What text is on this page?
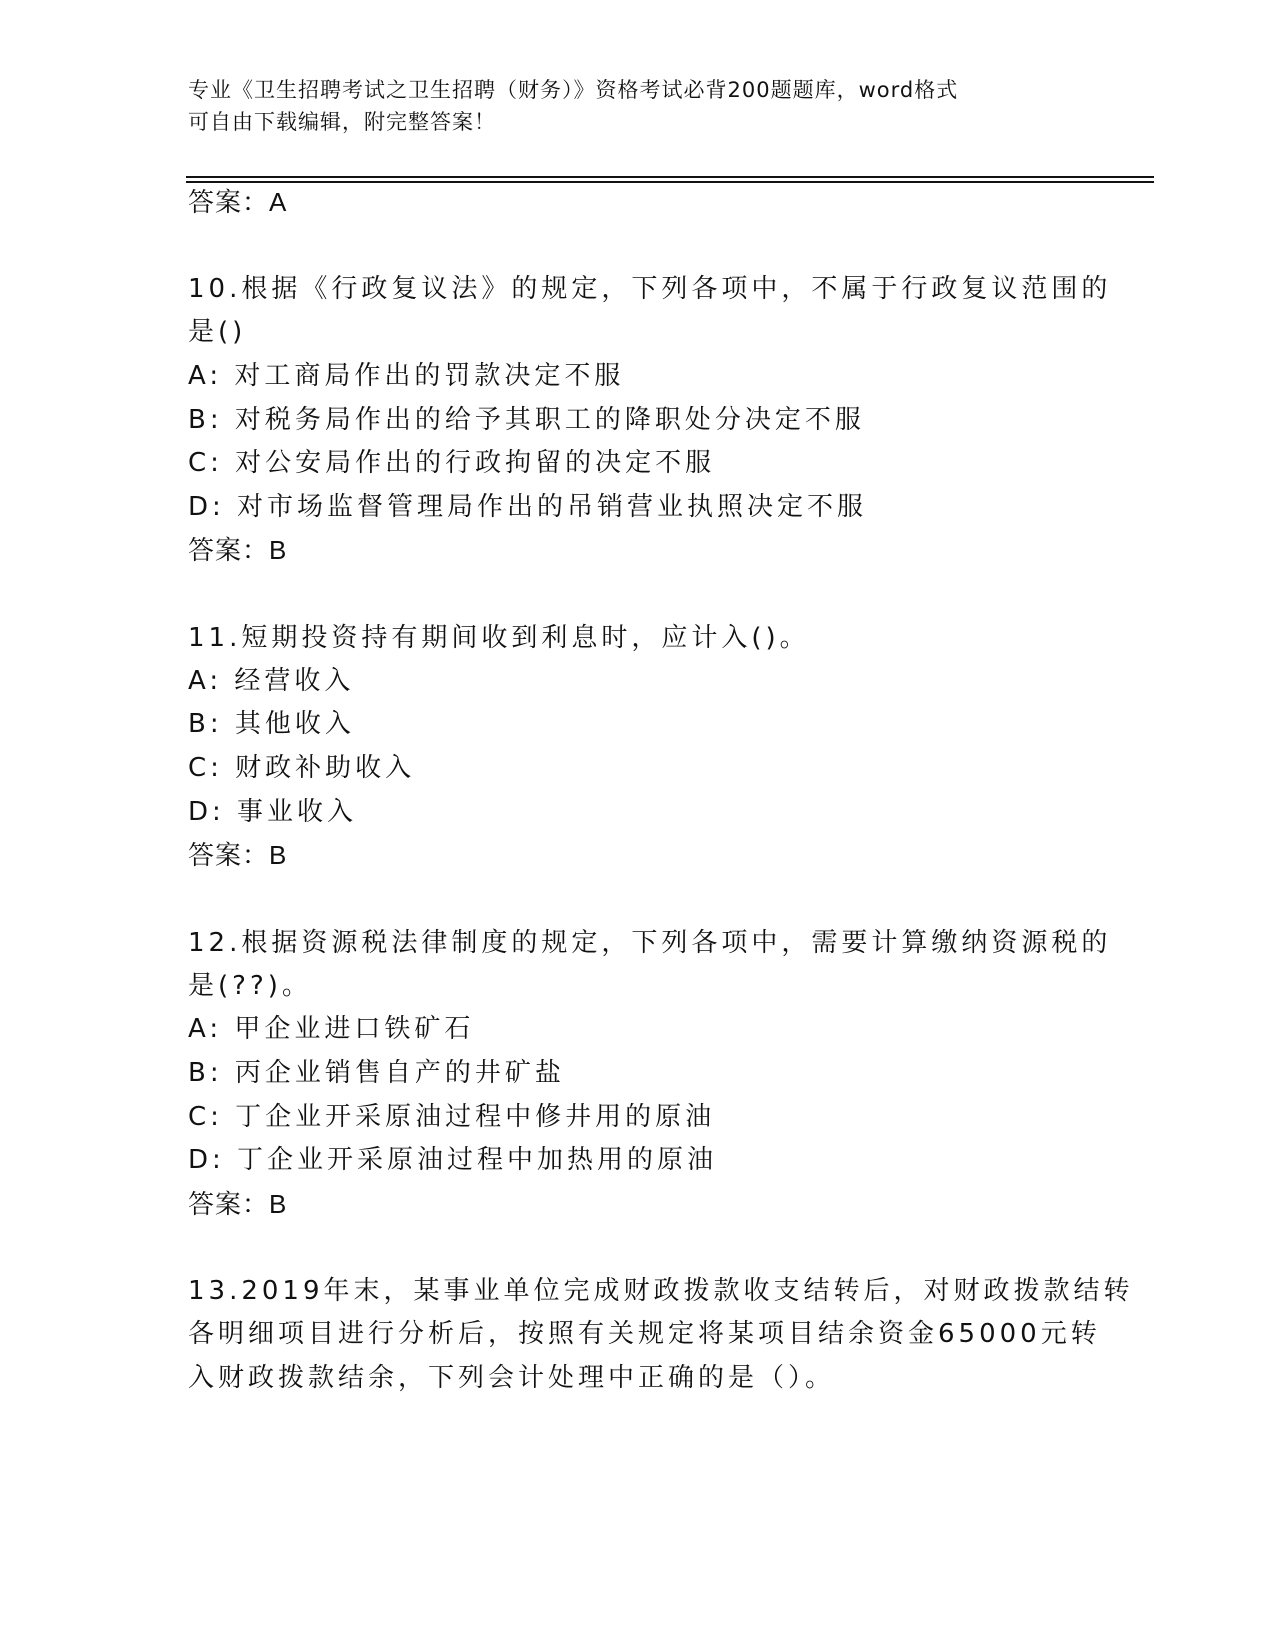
专业《卫生招聘考试之卫生招聘（财务）》资格考试必背200题题库，word格式
可自由下载编辑，附完整答案！
答案：A
10.根据《行政复议法》的规定，下列各项中，不属于行政复议范围的
是()
A: 对工商局作出的罚款决定不服
B: 对税务局作出的给予其职工的降职处分决定不服
C: 对公安局作出的行政拘留的决定不服
D: 对市场监督管理局作出的吊销营业执照决定不服
答案：B
11.短期投资持有期间收到利息时，应计入()。
A: 经营收入
B: 其他收入
C: 财政补助收入
D: 事业收入
答案：B
12.根据资源税法律制度的规定，下列各项中，需要计算缴纳资源税的
是(??)。
A: 甲企业进口铁矿石
B: 丙企业销售自产的井矿盐
C: 丁企业开采原油过程中修井用的原油
D: 丁企业开采原油过程中加热用的原油
答案：B
13.2019年末，某事业单位完成财政拨款收支结转后，对财政拨款结转
各明细项目进行分析后，按照有关规定将某项目结余资金65000元转
入财政拨款结余，下列会计处理中正确的是（）。
